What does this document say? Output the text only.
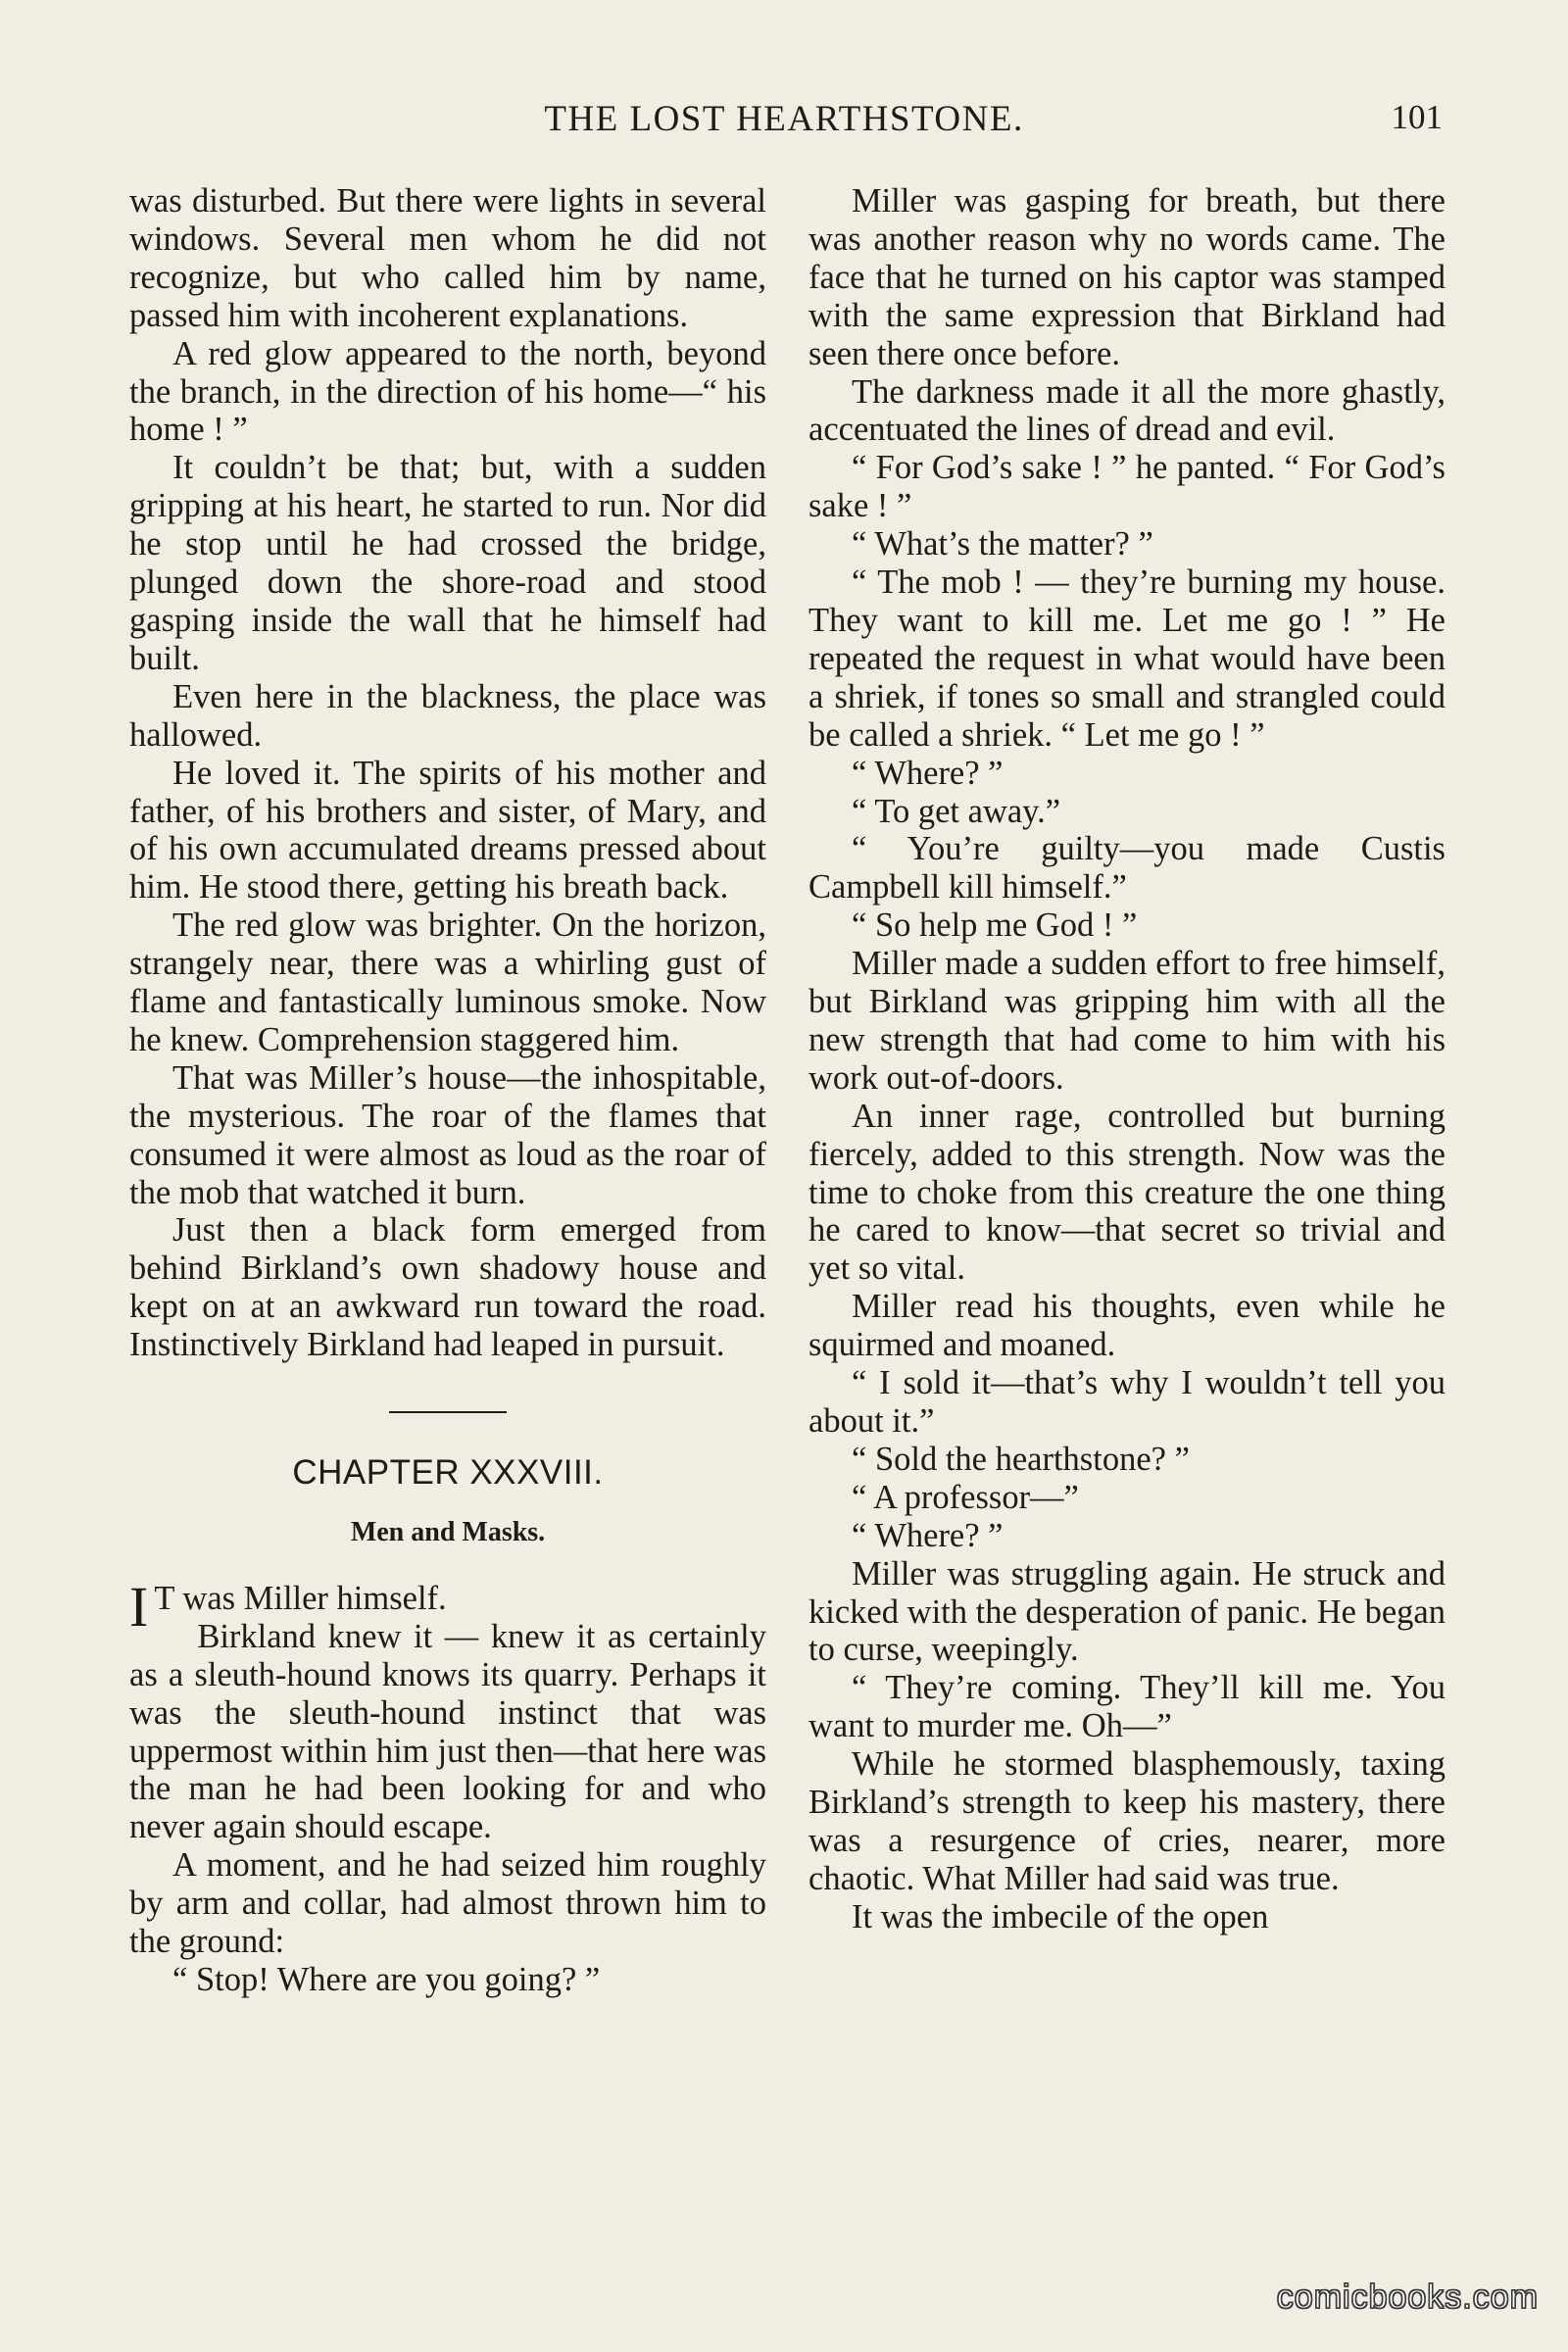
THE LOST HEARTHSTONE.	101

was disturbed. But there were lights in several windows. Several men whom he did not recognize, but who called him by name, passed him with incoherent explanations.

A red glow appeared to the north, beyond the branch, in the direction of his home—“ his home ! ”

It couldn’t be that; but, with a sudden gripping at his heart, he started to run. Nor did he stop until he had crossed the bridge, plunged down the shore-road and stood gasping inside the wall that he himself had built.

Even here in the blackness, the place was hallowed.

He loved it. The spirits of his mother and father, of his brothers and sister, of Mary, and of his own accumulated dreams pressed about him. He stood there, getting his breath back.

The red glow was brighter. On the horizon, strangely near, there was a whirling gust of flame and fantastically luminous smoke. Now he knew. Comprehension staggered him.

That was Miller’s house—the inhospitable, the mysterious. The roar of the flames that consumed it were almost as loud as the roar of the mob that watched it burn.

Just then a black form emerged from behind Birkland’s own shadowy house and kept on at an awkward run toward the road. Instinctively Birkland had leaped in pursuit.

CHAPTER XXXVIII.
Men and Masks.

I T was Miller himself.

Birkland knew it — knew it as certainly as a sleuth-hound knows its quarry. Perhaps it was the sleuth-hound instinct that was uppermost within him just then—that here was the man he had been looking for and who never again should escape.

A moment, and he had seized him roughly by arm and collar, had almost thrown him to the ground:

“ Stop! Where are you going? ”

Miller was gasping for breath, but there was another reason why no words came. The face that he turned on his captor was stamped with the same expression that Birkland had seen there once before.

The darkness made it all the more ghastly, accentuated the lines of dread and evil.

“ For God’s sake ! ” he panted. “ For God’s sake ! ”

“ What’s the matter? ”

“ The mob ! — they’re burning my house. They want to kill me. Let me go ! ” He repeated the request in what would have been a shriek, if tones so small and strangled could be called a shriek. “ Let me go ! ”

“ Where? ”

“ To get away.”

“ You’re guilty—you made Custis Campbell kill himself.”

“ So help me God ! ”

Miller made a sudden effort to free himself, but Birkland was gripping him with all the new strength that had come to him with his work out-of-doors.

An inner rage, controlled but burning fiercely, added to this strength. Now was the time to choke from this creature the one thing he cared to know—that secret so trivial and yet so vital.

Miller read his thoughts, even while he squirmed and moaned.

“ I sold it—that’s why I wouldn’t tell you about it.”

“ Sold the hearthstone? ”

“ A professor—”

“ Where? ”

Miller was struggling again. He struck and kicked with the desperation of panic. He began to curse, weepingly.

“ They’re coming. They’ll kill me. You want to murder me. Oh—”

While he stormed blasphemously, taxing Birkland’s strength to keep his mastery, there was a resurgence of cries, nearer, more chaotic. What Miller had said was true.

It was the imbecile of the open

comicbooks.com
